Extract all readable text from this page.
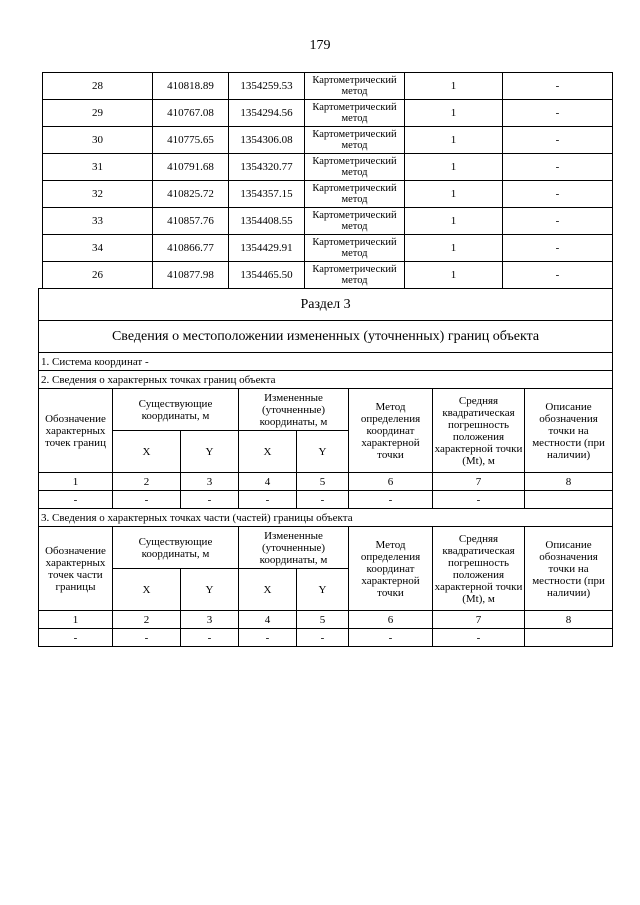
179
28	410818.89	1354259.53	Картометрический метод	1	-
29	410767.08	1354294.56	Картометрический метод	1	-
30	410775.65	1354306.08	Картометрический метод	1	-
31	410791.68	1354320.77	Картометрический метод	1	-
32	410825.72	1354357.15	Картометрический метод	1	-
33	410857.76	1354408.55	Картометрический метод	1	-
34	410866.77	1354429.91	Картометрический метод	1	-
26	410877.98	1354465.50	Картометрический метод	1	-
Раздел 3							
Сведения о местоположении измененных (уточненных) границ объекта							
1. Система координат -							
2. Сведения о характерных точках границ объекта							
Обозначение характерных точек границ	Существующие координаты, м		Измененные (уточненные) координаты, м		Метод определения координат характерной точки	Средняя квадратическая погрешность положения характерной точки (Mt), м	Описание обозначения точки на местности (при наличии)
	X	Y	X	Y			
1	2	3	4	5	6	7	8
-	-	-	-	-	-	-	
3. Сведения о характерных точках части (частей) границы объекта							
Обозначение характерных точек части границы	Существующие координаты, м		Измененные (уточненные) координаты, м		Метод определения координат характерной точки	Средняя квадратическая погрешность положения характерной точки (Mt), м	Описание обозначения точки на местности (при наличии)
	X	Y	X	Y			
1	2	3	4	5	6	7	8
-	-	-	-	-	-	-	
